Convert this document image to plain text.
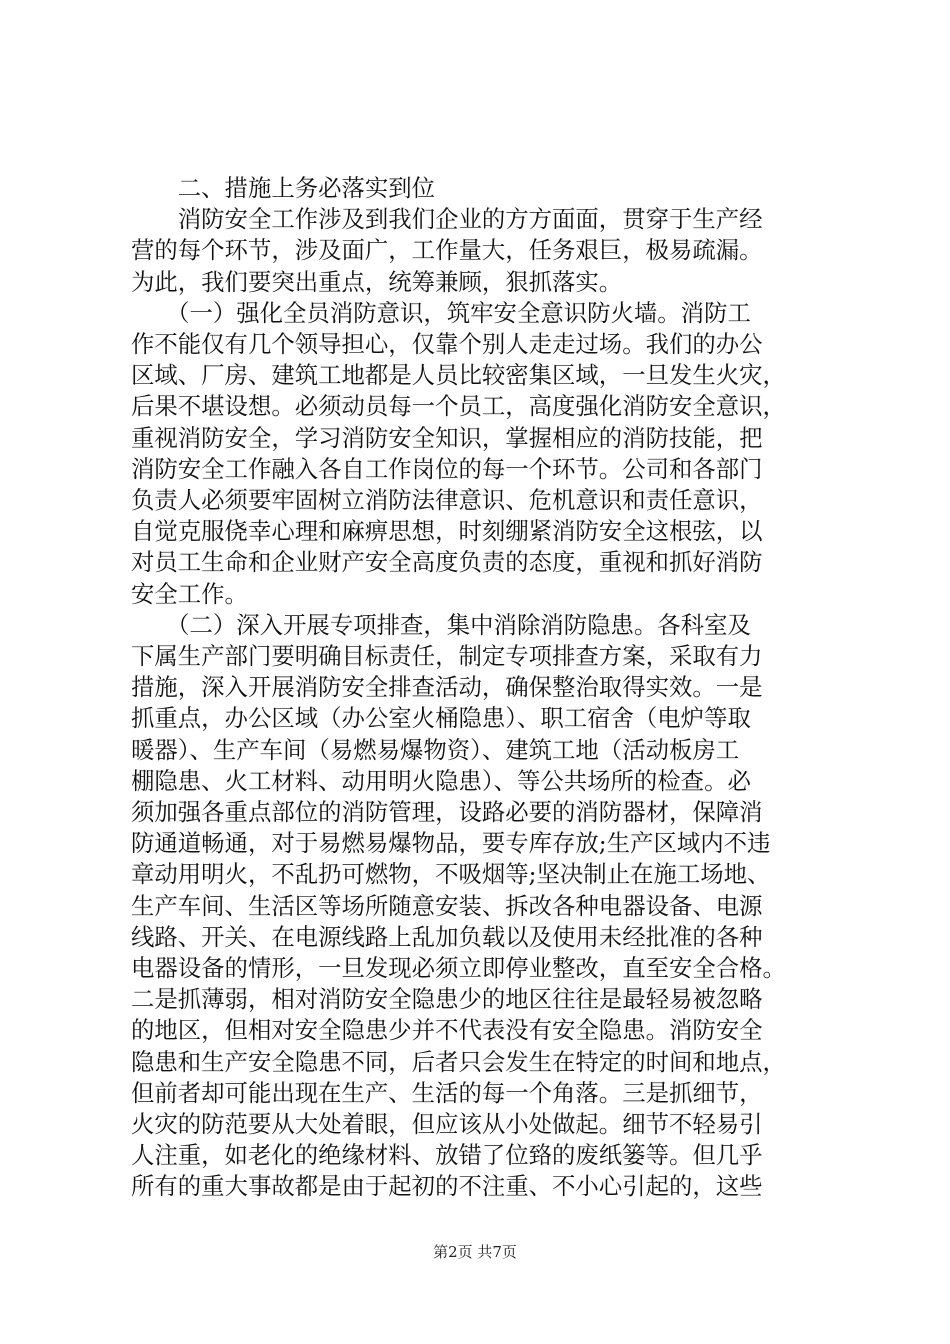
　　二、措施上务必落实到位
　　消防安全工作涉及到我们企业的方方面面，贯穿于生产经
营的每个环节，涉及面广，工作量大，任务艰巨，极易疏漏。
为此，我们要突出重点，统筹兼顾，狠抓落实。
　　（一）强化全员消防意识，筑牢安全意识防火墙。消防工
作不能仅有几个领导担心，仅靠个别人走走过场。我们的办公
区域、厂房、建筑工地都是人员比较密集区域，一旦发生火灾，
后果不堪设想。必须动员每一个员工，高度强化消防安全意识，
重视消防安全，学习消防安全知识，掌握相应的消防技能，把
消防安全工作融入各自工作岗位的每一个环节。公司和各部门
负责人必须要牢固树立消防法律意识、危机意识和责任意识，
自觉克服侥幸心理和麻痹思想，时刻绷紧消防安全这根弦，以
对员工生命和企业财产安全高度负责的态度，重视和抓好消防
安全工作。
　　（二）深入开展专项排查，集中消除消防隐患。各科室及
下属生产部门要明确目标责任，制定专项排查方案，采取有力
措施，深入开展消防安全排查活动，确保整治取得实效。一是
抓重点，办公区域（办公室火桶隐患）、职工宿舍（电炉等取
暖器）、生产车间（易燃易爆物资）、建筑工地（活动板房工
棚隐患、火工材料、动用明火隐患）、等公共场所的检查。必
须加强各重点部位的消防管理，设路必要的消防器材，保障消
防通道畅通，对于易燃易爆物品，要专库存放;生产区域内不违
章动用明火，不乱扔可燃物，不吸烟等;坚决制止在施工场地、
生产车间、生活区等场所随意安装、拆改各种电器设备、电源
线路、开关、在电源线路上乱加负载以及使用未经批准的各种
电器设备的情形，一旦发现必须立即停业整改，直至安全合格。
二是抓薄弱，相对消防安全隐患少的地区往往是最轻易被忽略
的地区，但相对安全隐患少并不代表没有安全隐患。消防安全
隐患和生产安全隐患不同，后者只会发生在特定的时间和地点，
但前者却可能出现在生产、生活的每一个角落。三是抓细节，
火灾的防范要从大处着眼，但应该从小处做起。细节不轻易引
人注重，如老化的绝缘材料、放错了位臵的废纸篓等。但几乎
所有的重大事故都是由于起初的不注重、不小心引起的，这些
第2页 共7页
